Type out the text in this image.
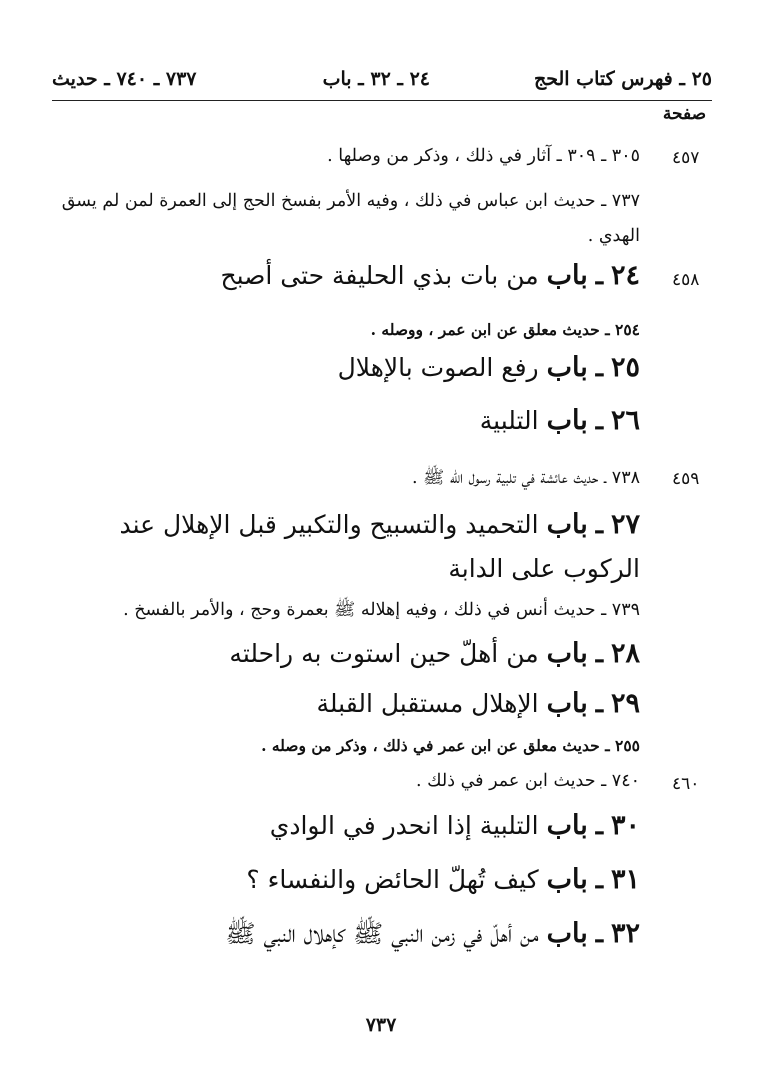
٢٥ ـ فهرس كتاب الحج
٢٤ ـ ٣٢ ـ باب
٧٣٧ ـ ٧٤٠ ـ حديث
صفحة
٤٥٧
٣٠٥ ـ ٣٠٩ ـ آثار في ذلك ، وذكر من وصلها .
٧٣٧ ـ حديث ابن عباس في ذلك ، وفيه الأمر بفسخ الحج إلى العمرة لمن لم يسق الهدي .
٤٥٨
٢٤ ـ باب من بات بذي الحليفة حتى أصبح
٢٥٤ ـ حديث معلق عن ابن عمر ، ووصله .
٢٥ ـ باب رفع الصوت بالإهلال
٢٦ ـ باب التلبية
٤٥٩
٧٣٨ ـ حديث عائشة في تلبية رسول الله ﷺ .
٢٧ ـ باب التحميد والتسبيح والتكبير قبل الإهلال عند الركوب على الدابة
٧٣٩ ـ حديث أنس في ذلك ، وفيه إهلاله ﷺ بعمرة وحج ، والأمر بالفسخ .
٢٨ ـ باب من أهلّ حين استوت به راحلته
٢٩ ـ باب الإهلال مستقبل القبلة
٢٥٥ ـ حديث معلق عن ابن عمر في ذلك ، وذكر من وصله .
٤٦٠
٧٤٠ ـ حديث ابن عمر في ذلك .
٣٠ ـ باب التلبية إذا انحدر في الوادي
٣١ ـ باب كيف تُهلّ الحائض والنفساء ؟
٣٢ ـ باب من أهلّ في زمن النبي ﷺ كإهلال النبي ﷺ
٧٣٧
